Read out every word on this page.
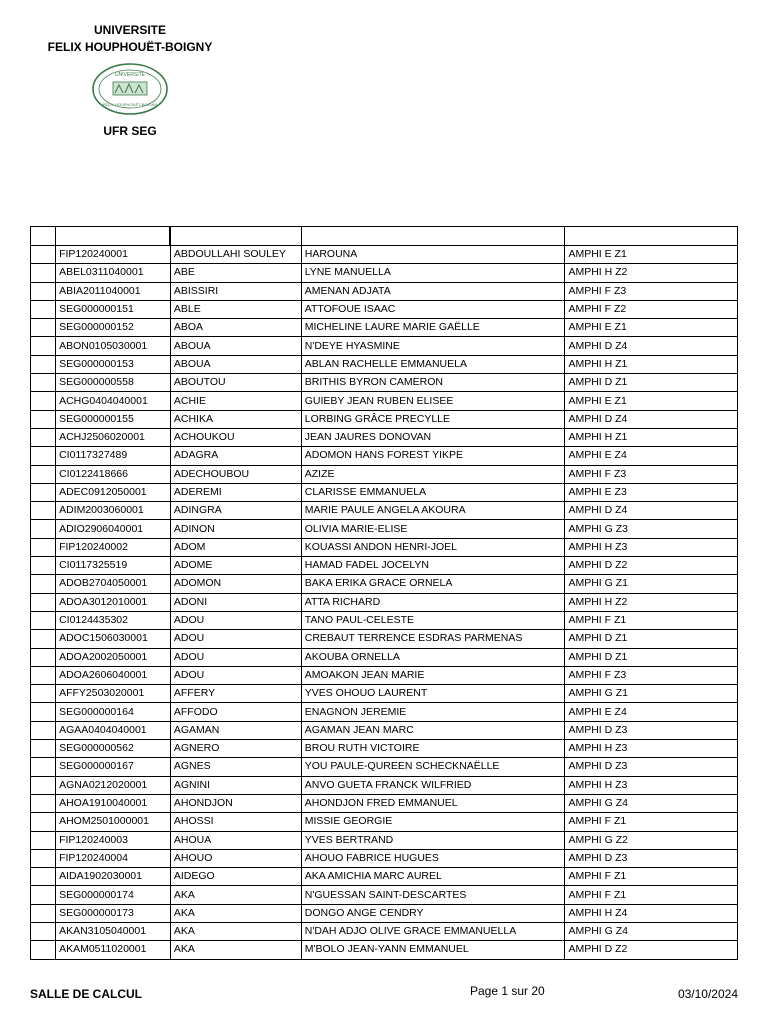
UNIVERSITE
FELIX HOUPHOUËT-BOIGNY
UNIVERSITÉ
FÉLIX HOUPHOUËT-BOIGNY
UFR SEG

	FIP120240001	ABDOULLAHI SOULEY	HAROUNA	AMPHI E Z1
	ABEL0311040001	ABE	LYNE MANUELLA	AMPHI H Z2
	ABIA2011040001	ABISSIRI	AMENAN ADJATA	AMPHI F Z3
	SEG000000151	ABLE	ATTOFOUE ISAAC	AMPHI F Z2
	SEG000000152	ABOA	MICHELINE LAURE MARIE GAËLLE	AMPHI E Z1
	ABON0105030001	ABOUA	N'DEYE HYASMINE	AMPHI D Z4
	SEG000000153	ABOUA	ABLAN RACHELLE EMMANUELA	AMPHI H Z1
	SEG000000558	ABOUTOU	BRITHIS BYRON CAMERON	AMPHI D Z1
	ACHG0404040001	ACHIE	GUIEBY JEAN RUBEN ELISEE	AMPHI E Z1
	SEG000000155	ACHIKA	LORBING GRÂCE PRECYLLE	AMPHI D Z4
	ACHJ2506020001	ACHOUKOU	JEAN JAURES DONOVAN	AMPHI H Z1
	CI0117327489	ADAGRA	ADOMON HANS FOREST YIKPE	AMPHI E Z4
	CI0122418666	ADECHOUBOU	AZIZE	AMPHI F Z3
	ADEC0912050001	ADEREMI	CLARISSE EMMANUELA	AMPHI E Z3
	ADIM2003060001	ADINGRA	MARIE PAULE ANGELA AKOURA	AMPHI D Z4
	ADIO2906040001	ADINON	OLIVIA MARIE-ELISE	AMPHI G Z3
	FIP120240002	ADOM	KOUASSI ANDON HENRI-JOEL	AMPHI H Z3
	CI0117325519	ADOME	HAMAD FADEL JOCELYN	AMPHI D Z2
	ADOB2704050001	ADOMON	BAKA ERIKA GRACE ORNELA	AMPHI G Z1
	ADOA3012010001	ADONI	ATTA RICHARD	AMPHI H Z2
	CI0124435302	ADOU	TANO PAUL-CELESTE	AMPHI F Z1
	ADOC1506030001	ADOU	CREBAUT TERRENCE ESDRAS PARMENAS	AMPHI D Z1
	ADOA2002050001	ADOU	AKOUBA ORNELLA	AMPHI D Z1
	ADOA2606040001	ADOU	AMOAKON JEAN MARIE	AMPHI F Z3
	AFFY2503020001	AFFERY	YVES OHOUO LAURENT	AMPHI G Z1
	SEG000000164	AFFODO	ENAGNON JEREMIE	AMPHI E Z4
	AGAA0404040001	AGAMAN	AGAMAN JEAN MARC	AMPHI D Z3
	SEG000000562	AGNERO	BROU RUTH VICTOIRE	AMPHI H Z3
	SEG000000167	AGNES	YOU PAULE-QUREEN SCHECKNAËLLE	AMPHI D Z3
	AGNA0212020001	AGNINI	ANVO GUETA FRANCK WILFRIED	AMPHI H Z3
	AHOA1910040001	AHONDJON	AHONDJON FRED EMMANUEL	AMPHI G Z4
	AHOM2501000001	AHOSSI	MISSIE GEORGIE	AMPHI F Z1
	FIP120240003	AHOUA	YVES BERTRAND	AMPHI G Z2
	FIP120240004	AHOUO	AHOUO FABRICE HUGUES	AMPHI D Z3
	AIDA1902030001	AIDEGO	AKA AMICHIA MARC AUREL	AMPHI F Z1
	SEG000000174	AKA	N'GUESSAN SAINT-DESCARTES	AMPHI F Z1
	SEG000000173	AKA	DONGO ANGE CENDRY	AMPHI H Z4
	AKAN3105040001	AKA	N'DAH ADJO OLIVE GRACE EMMANUELLA	AMPHI G Z4
	AKAM0511020001	AKA	M'BOLO JEAN-YANN EMMANUEL	AMPHI D Z2
SALLE DE CALCUL	Page 1 sur 20	03/10/2024
